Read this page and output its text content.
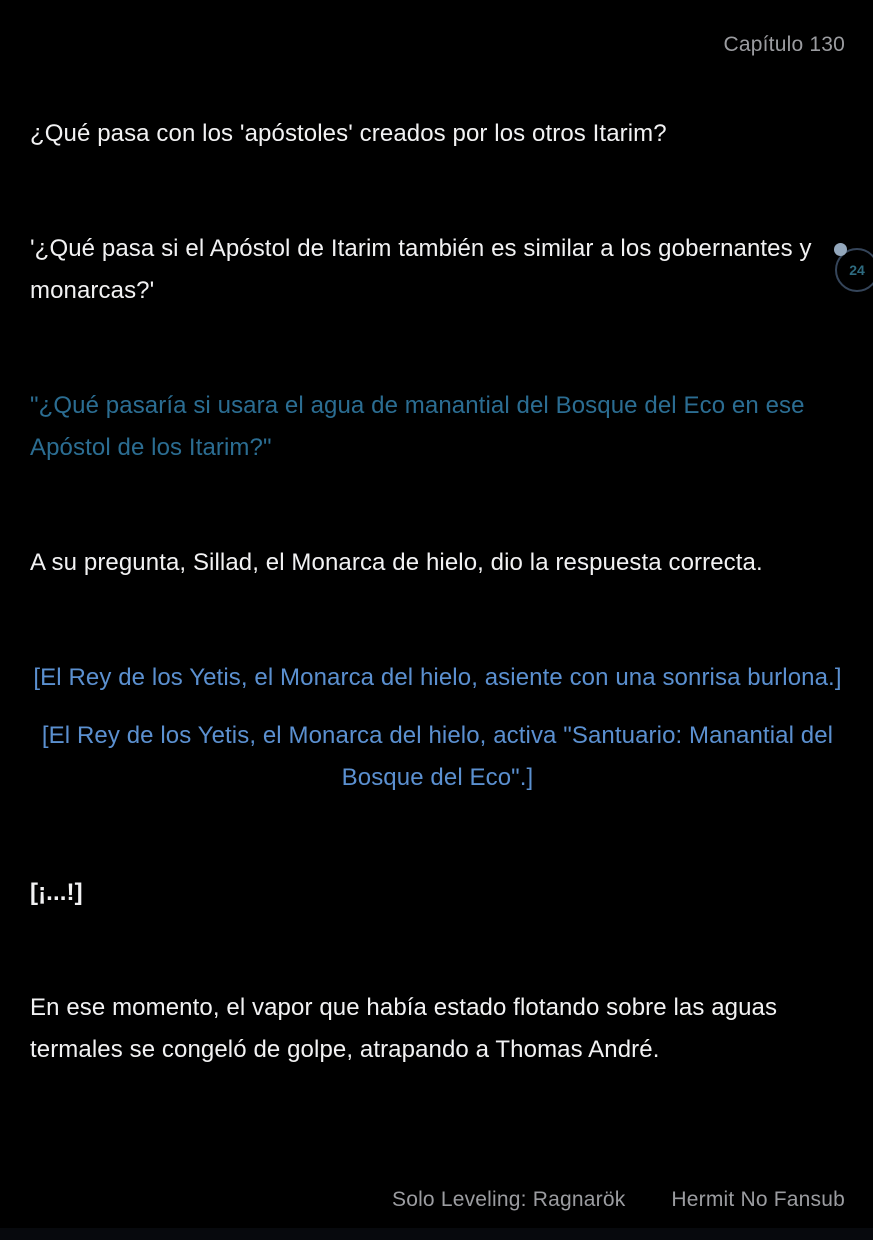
Capítulo 130

¿Qué pasa con los 'apóstoles' creados por los otros Itarim?

'¿Qué pasa si el Apóstol de Itarim también es similar a los gobernantes y monarcas?'

"¿Qué pasaría si usara el agua de manantial del Bosque del Eco en ese Apóstol de los Itarim?"

A su pregunta, Sillad, el Monarca de hielo, dio la respuesta correcta.

[El Rey de los Yetis, el Monarca del hielo, asiente con una sonrisa burlona.]

[El Rey de los Yetis, el Monarca del hielo, activa "Santuario: Manantial del Bosque del Eco".]

[¡...!]

En ese momento, el vapor que había estado flotando sobre las aguas termales se congeló de golpe, atrapando a Thomas André.

24
Solo Leveling: Ragnarök Hermit No Fansub
